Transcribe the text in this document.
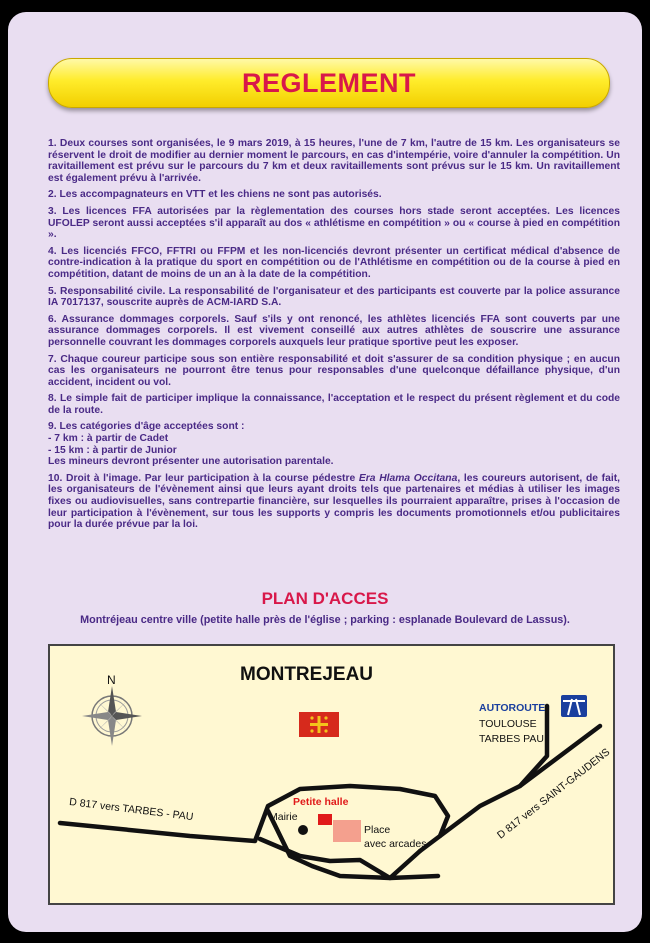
REGLEMENT

1. Deux courses sont organisées, le 9 mars 2019, à 15 heures, l'une de 7 km, l'autre de 15 km. Les organisateurs se réservent le droit de modifier au dernier moment le parcours, en cas d'intempérie, voire d'annuler la compétition. Un ravitaillement est prévu sur le parcours du 7 km et deux ravitaillements sont prévus sur le 15 km. Un ravitaillement est également prévu à l'arrivée.

2. Les accompagnateurs en VTT et les chiens ne sont pas autorisés.

3. Les licences FFA autorisées par la règlementation des courses hors stade seront acceptées. Les licences UFOLEP seront aussi acceptées s'il apparaît au dos « athlétisme en compétition » ou « course à pied en compétition ».

4. Les licenciés FFCO, FFTRI ou FFPM et les non-licenciés devront présenter un certificat médical d'absence de contre-indication à la pratique du sport en compétition ou de l'Athlétisme en compétition ou de la course à pied en compétition, datant de moins de un an à la date de la compétition.

5. Responsabilité civile. La responsabilité de l'organisateur et des participants est couverte par la police assurance IA 7017137, souscrite auprès de ACM-IARD S.A.

6. Assurance dommages corporels. Sauf s'ils y ont renoncé, les athlètes licenciés FFA sont couverts par une assurance dommages corporels. Il est vivement conseillé aux autres athlètes de souscrire une assurance personnelle couvrant les dommages corporels auxquels leur pratique sportive peut les exposer.

7. Chaque coureur participe sous son entière responsabilité et doit s'assurer de sa condition physique ; en aucun cas les organisateurs ne pourront être tenus pour responsables d'une quelconque défaillance physique, d'un accident, incident ou vol.

8. Le simple fait de participer implique la connaissance, l'acceptation et le respect du présent règlement et du code de la route.

9. Les catégories d'âge acceptées sont :

- 7 km : à partir de Cadet

- 15 km : à partir de Junior

Les mineurs devront présenter une autorisation parentale.

10. Droit à l'image. Par leur participation à la course pédestre Era Hlama Occitana, les coureurs autorisent, de fait, les organisateurs de l'évènement ainsi que leurs ayant droits tels que partenaires et médias à utiliser les images fixes ou audiovisuelles, sans contrepartie financière, sur lesquelles ils pourraient apparaître, prises à l'occasion de leur participation à l'évènement, sur tous les supports y compris les documents promotionnels et/ou publicitaires pour la durée prévue par la loi.

PLAN D'ACCES
Montréjeau centre ville (petite halle près de l'église ; parking : esplanade Boulevard de Lassus).
MONTREJEAU
N
AUTOROUTE
TOULOUSE
TARBES PAU
D 817 vers TARBES - PAU	D 817 vers SAINT-GAUDENS
Petite halle
Mairie
Place
avec arcades
